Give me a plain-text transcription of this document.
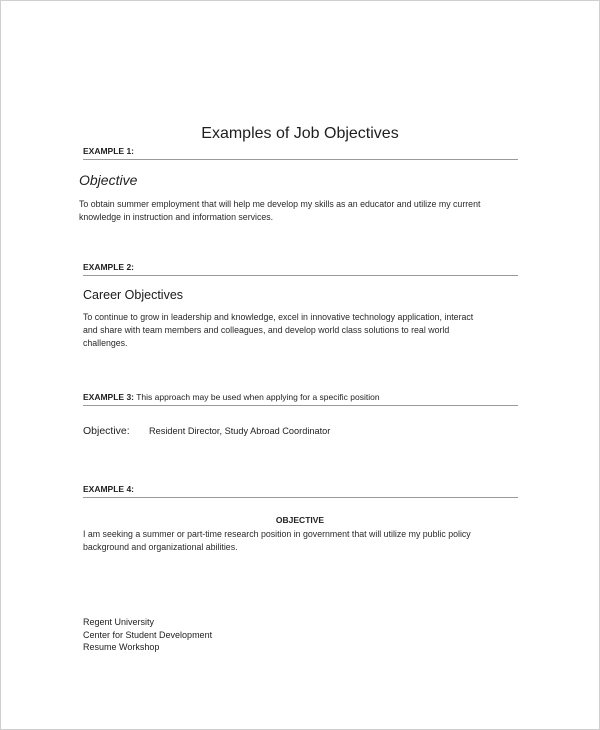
Examples of Job Objectives
EXAMPLE 1:
Objective
To obtain summer employment that will help me develop my skills as an educator and utilize my current
knowledge in instruction and information services.
EXAMPLE 2:
Career Objectives
To continue to grow in leadership and knowledge, excel in innovative technology application, interact
and share with team members and colleagues, and develop world class solutions to real world
challenges.
EXAMPLE 3: This approach may be used when applying for a specific position
Objective: Resident Director, Study Abroad Coordinator
EXAMPLE 4:
OBJECTIVE
I am seeking a summer or part-time research position in government that will utilize my public policy
background and organizational abilities.
Regent University
Center for Student Development
Resume Workshop
